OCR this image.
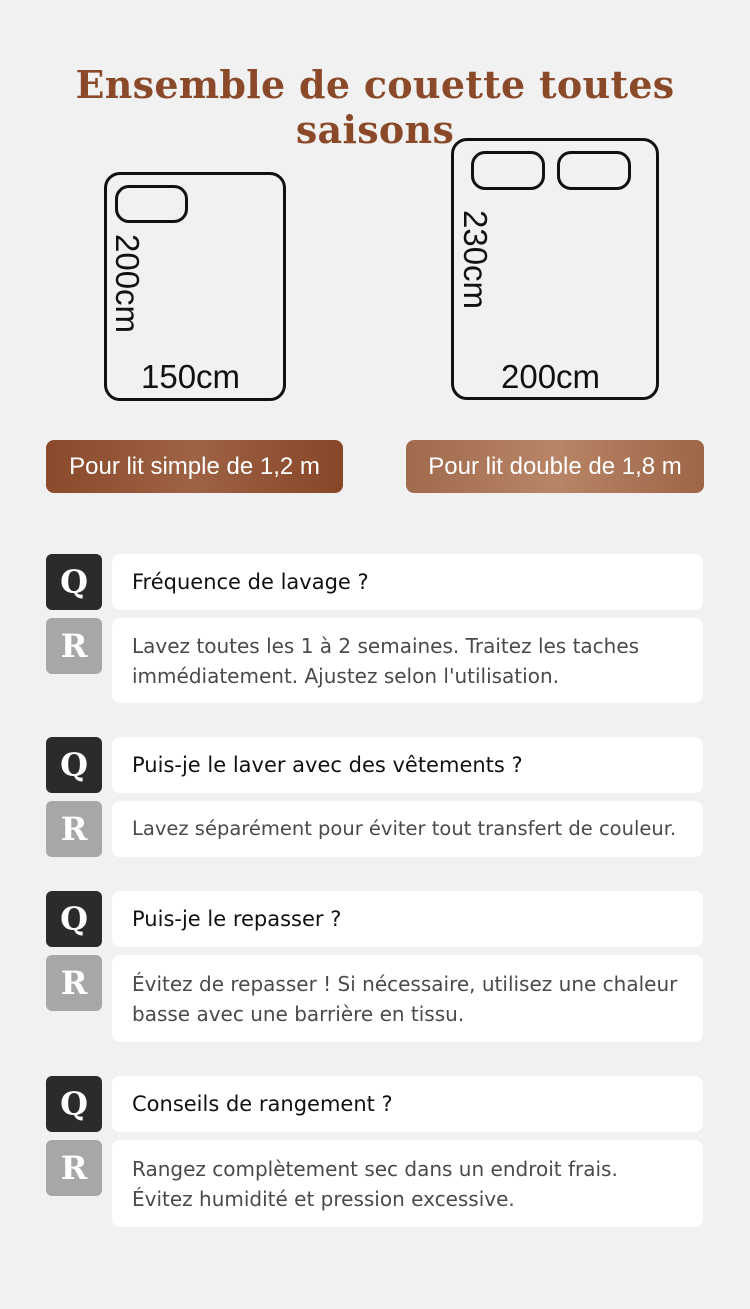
Ensemble de couette toutes saisons
200cm
150cm
230cm
200cm
Pour lit simple de 1,2 m	Pour lit double de 1,8 m
Q	Fréquence de lavage ?
R	Lavez toutes les 1 à 2 semaines. Traitez les taches
immédiatement. Ajustez selon l'utilisation.
Q	Puis-je le laver avec des vêtements ?
R	Lavez séparément pour éviter tout transfert de couleur.
Q	Puis-je le repasser ?
R	Évitez de repasser ! Si nécessaire, utilisez une chaleur
basse avec une barrière en tissu.
Q	Conseils de rangement ?
R	Rangez complètement sec dans un endroit frais.
Évitez humidité et pression excessive.
